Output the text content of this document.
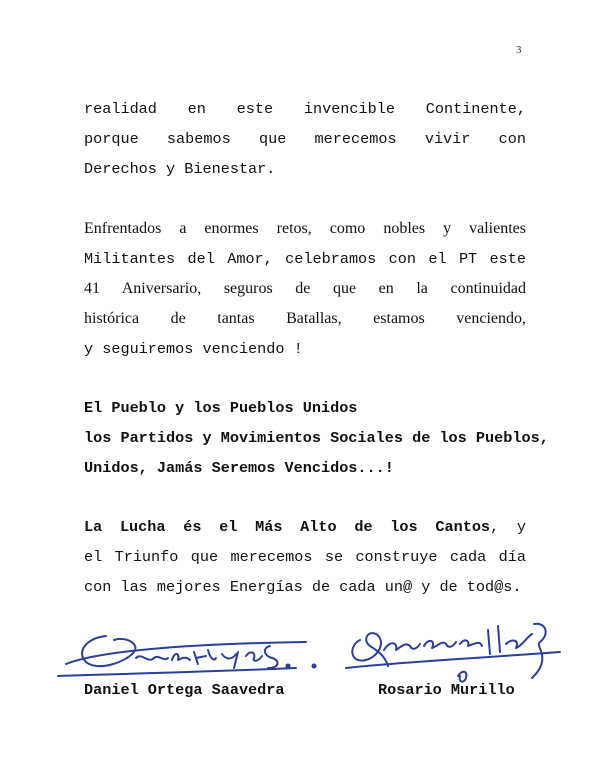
3
realidad en este invencible Continente,
porque sabemos que merecemos vivir con
Derechos y Bienestar.
Enfrentados a enormes retos, como nobles y valientes
Militantes del Amor, celebramos con el PT este
41 Aniversario, seguros de que en la continuidad
histórica de tantas Batallas, estamos venciendo,
y seguiremos venciendo !
El Pueblo y los Pueblos Unidos
los Partidos y Movimientos Sociales de los Pueblos,
Unidos, Jamás Seremos Vencidos...!
La Lucha és el Más Alto de los Cantos, y
el Triunfo que merecemos se construye cada día
con las mejores Energías de cada un@ y de tod@s.
Daniel Ortega Saavedra	Rosario Murillo
